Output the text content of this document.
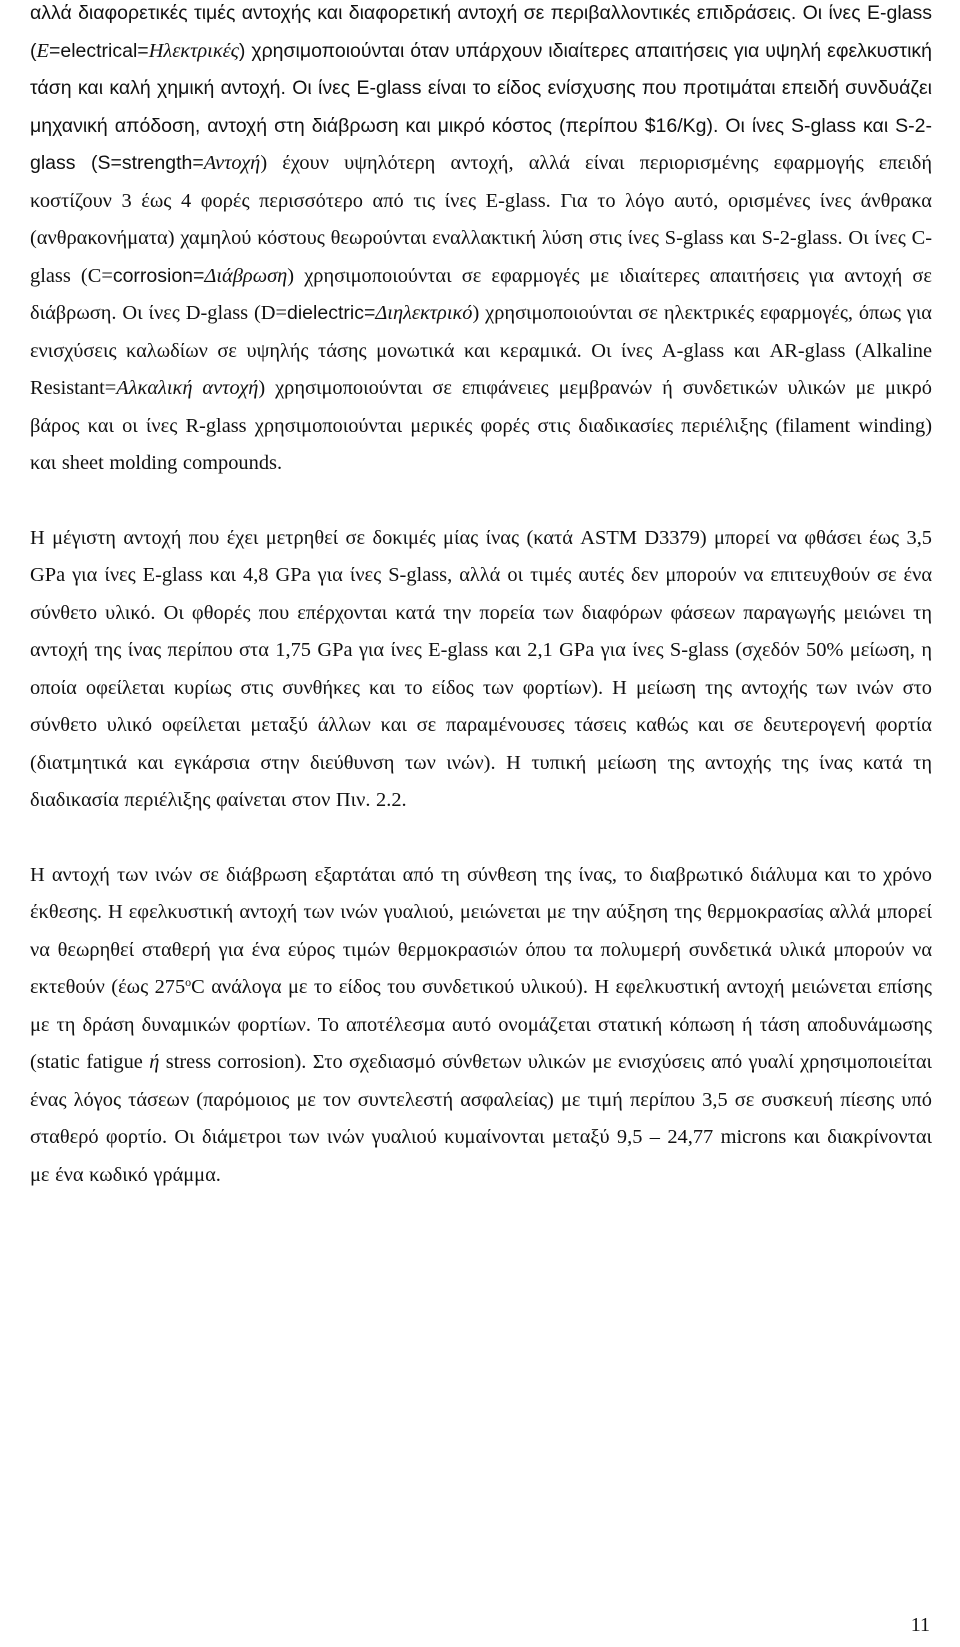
αλλά διαφορετικές τιμές αντοχής και διαφορετική αντοχή σε περιβαλλοντικές επιδράσεις. Οι ίνες E-glass (E=electrical=Ηλεκτρικές) χρησιμοποιούνται όταν υπάρχουν ιδιαίτερες απαιτήσεις για υψηλή εφελκυστική τάση και καλή χημική αντοχή. Οι ίνες E-glass είναι το είδος ενίσχυσης που προτιμάται επειδή συνδυάζει μηχανική απόδοση, αντοχή στη διάβρωση και μικρό κόστος (περίπου $16/Kg). Οι ίνες S-glass και S-2-glass (S=strength=Αντοχή) έχουν υψηλότερη αντοχή, αλλά είναι περιορισμένης εφαρμογής επειδή κοστίζουν 3 έως 4 φορές περισσότερο από τις ίνες E-glass. Για το λόγο αυτό, ορισμένες ίνες άνθρακα (ανθρακονήματα) χαμηλού κόστους θεωρούνται εναλλακτική λύση στις ίνες S-glass και S-2-glass. Οι ίνες C-glass (C=corrosion=Διάβρωση) χρησιμοποιούνται σε εφαρμογές με ιδιαίτερες απαιτήσεις για αντοχή σε διάβρωση. Οι ίνες D-glass (D=dielectric=Διηλεκτρικό) χρησιμοποιούνται σε ηλεκτρικές εφαρμογές, όπως για ενισχύσεις καλωδίων σε υψηλής τάσης μονωτικά και κεραμικά. Οι ίνες A-glass και AR-glass (Alkaline Resistant=Αλκαλική αντοχή) χρησιμοποιούνται σε επιφάνειες μεμβρανών ή συνδετικών υλικών με μικρό βάρος και οι ίνες R-glass χρησιμοποιούνται μερικές φορές στις διαδικασίες περιέλιξης (filament winding) και sheet molding compounds.

Η μέγιστη αντοχή που έχει μετρηθεί σε δοκιμές μίας ίνας (κατά ASTM D3379) μπορεί να φθάσει έως 3,5 GPa για ίνες E-glass και 4,8 GPa για ίνες S-glass, αλλά οι τιμές αυτές δεν μπορούν να επιτευχθούν σε ένα σύνθετο υλικό. Οι φθορές που επέρχονται κατά την πορεία των διαφόρων φάσεων παραγωγής μειώνει τη αντοχή της ίνας περίπου στα 1,75 GPa για ίνες E-glass και 2,1 GPa για ίνες S-glass (σχεδόν 50% μείωση, η οποία οφείλεται κυρίως στις συνθήκες και το είδος των φορτίων). Η μείωση της αντοχής των ινών στο σύνθετο υλικό οφείλεται μεταξύ άλλων και σε παραμένουσες τάσεις καθώς και σε δευτερογενή φορτία (διατμητικά και εγκάρσια στην διεύθυνση των ινών). Η τυπική μείωση της αντοχής της ίνας κατά τη διαδικασία περιέλιξης φαίνεται στον Πιν. 2.2.

Η αντοχή των ινών σε διάβρωση εξαρτάται από τη σύνθεση της ίνας, το διαβρωτικό διάλυμα και το χρόνο έκθεσης. Η εφελκυστική αντοχή των ινών γυαλιού, μειώνεται με την αύξηση της θερμοκρασίας αλλά μπορεί να θεωρηθεί σταθερή για ένα εύρος τιμών θερμοκρασιών όπου τα πολυμερή συνδετικά υλικά μπορούν να εκτεθούν (έως 275$^o$C ανάλογα με το είδος του συνδετικού υλικού). Η εφελκυστική αντοχή μειώνεται επίσης με τη δράση δυναμικών φορτίων. Το αποτέλεσμα αυτό ονομάζεται στατική κόπωση ή τάση αποδυνάμωσης (static fatigue ή stress corrosion). Στο σχεδιασμό σύνθετων υλικών με ενισχύσεις από γυαλί χρησιμοποιείται ένας λόγος τάσεων (παρόμοιος με τον συντελεστή ασφαλείας) με τιμή περίπου 3,5 σε συσκευή πίεσης υπό σταθερό φορτίο. Οι διάμετροι των ινών γυαλιού κυμαίνονται μεταξύ 9,5 – 24,77 microns και διακρίνονται με ένα κωδικό γράμμα.

11
